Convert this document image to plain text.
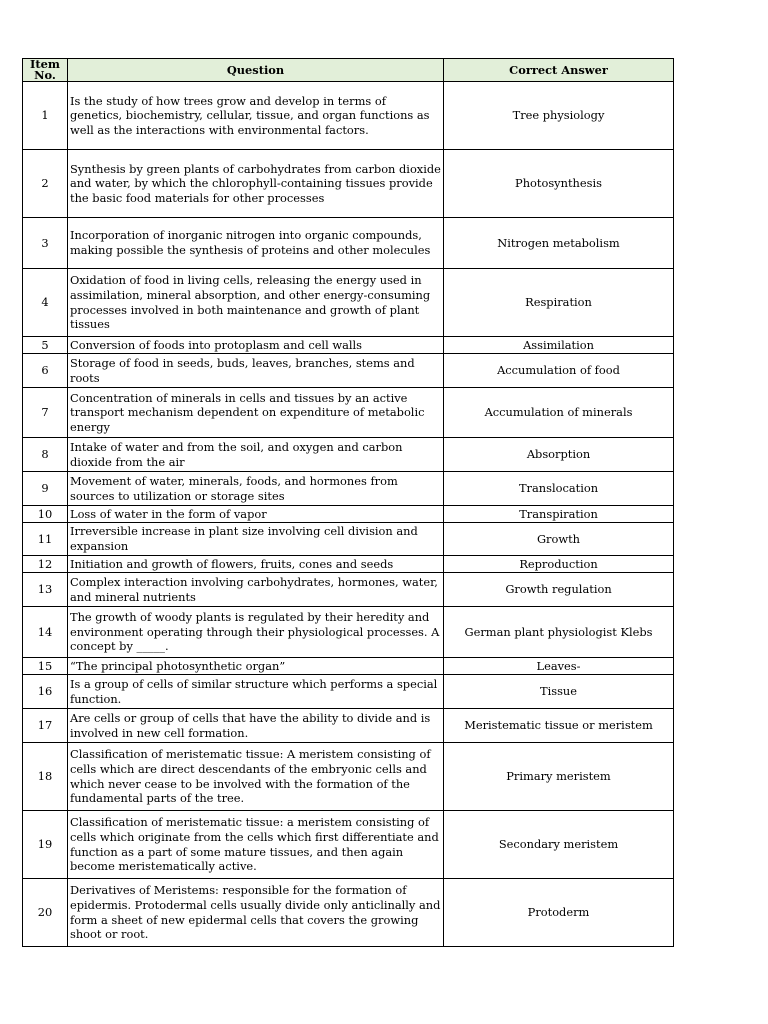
Item No.	Question	Correct Answer
1	Is the study of how trees grow and develop in terms of genetics, biochemistry, cellular, tissue, and organ functions as well as the interactions with environmental factors.	Tree physiology
2	Synthesis by green plants of carbohydrates from carbon dioxide and water, by which the chlorophyll-containing tissues provide the basic food materials for other processes	Photosynthesis
3	Incorporation of inorganic nitrogen into organic compounds, making possible the synthesis of proteins and other molecules	Nitrogen metabolism
4	Oxidation of food in living cells, releasing the energy used in assimilation, mineral absorption, and other energy-consuming processes involved in both maintenance and growth of plant tissues	Respiration
5	Conversion of foods into protoplasm and cell walls	Assimilation
6	Storage of food in seeds, buds, leaves, branches, stems and roots	Accumulation of food
7	Concentration of minerals in cells and tissues by an active transport mechanism dependent on expenditure of metabolic energy	Accumulation of minerals
8	Intake of water and from the soil, and oxygen and carbon dioxide from the air	Absorption
9	Movement of water, minerals, foods, and hormones from sources to utilization or storage sites	Translocation
10	Loss of water in the form of vapor	Transpiration
11	Irreversible increase in plant size involving cell division and expansion	Growth
12	Initiation and growth of flowers, fruits, cones and seeds	Reproduction
13	Complex interaction involving carbohydrates, hormones, water, and mineral nutrients	Growth regulation
14	The growth of woody plants is regulated by their heredity and environment operating through their physiological processes. A concept by _____.	German plant physiologist Klebs
15	“The principal photosynthetic organ”	Leaves-
16	Is a group of cells of similar structure which performs a special function.	Tissue
17	Are cells or group of cells that have the ability to divide and is involved in new cell formation.	Meristematic tissue or meristem
18	Classification of meristematic tissue: A meristem consisting of cells which are direct descendants of the embryonic cells and which never cease to be involved with the formation of the fundamental parts of the tree.	Primary meristem
19	Classification of meristematic tissue: a meristem consisting of cells which originate from the cells which first differentiate and function as a part of some mature tissues, and then again become meristematically active.	Secondary meristem
20	Derivatives of Meristems: responsible for the formation of epidermis. Protodermal cells usually divide only anticlinally and form a sheet of new epidermal cells that covers the growing shoot or root.	Protoderm
